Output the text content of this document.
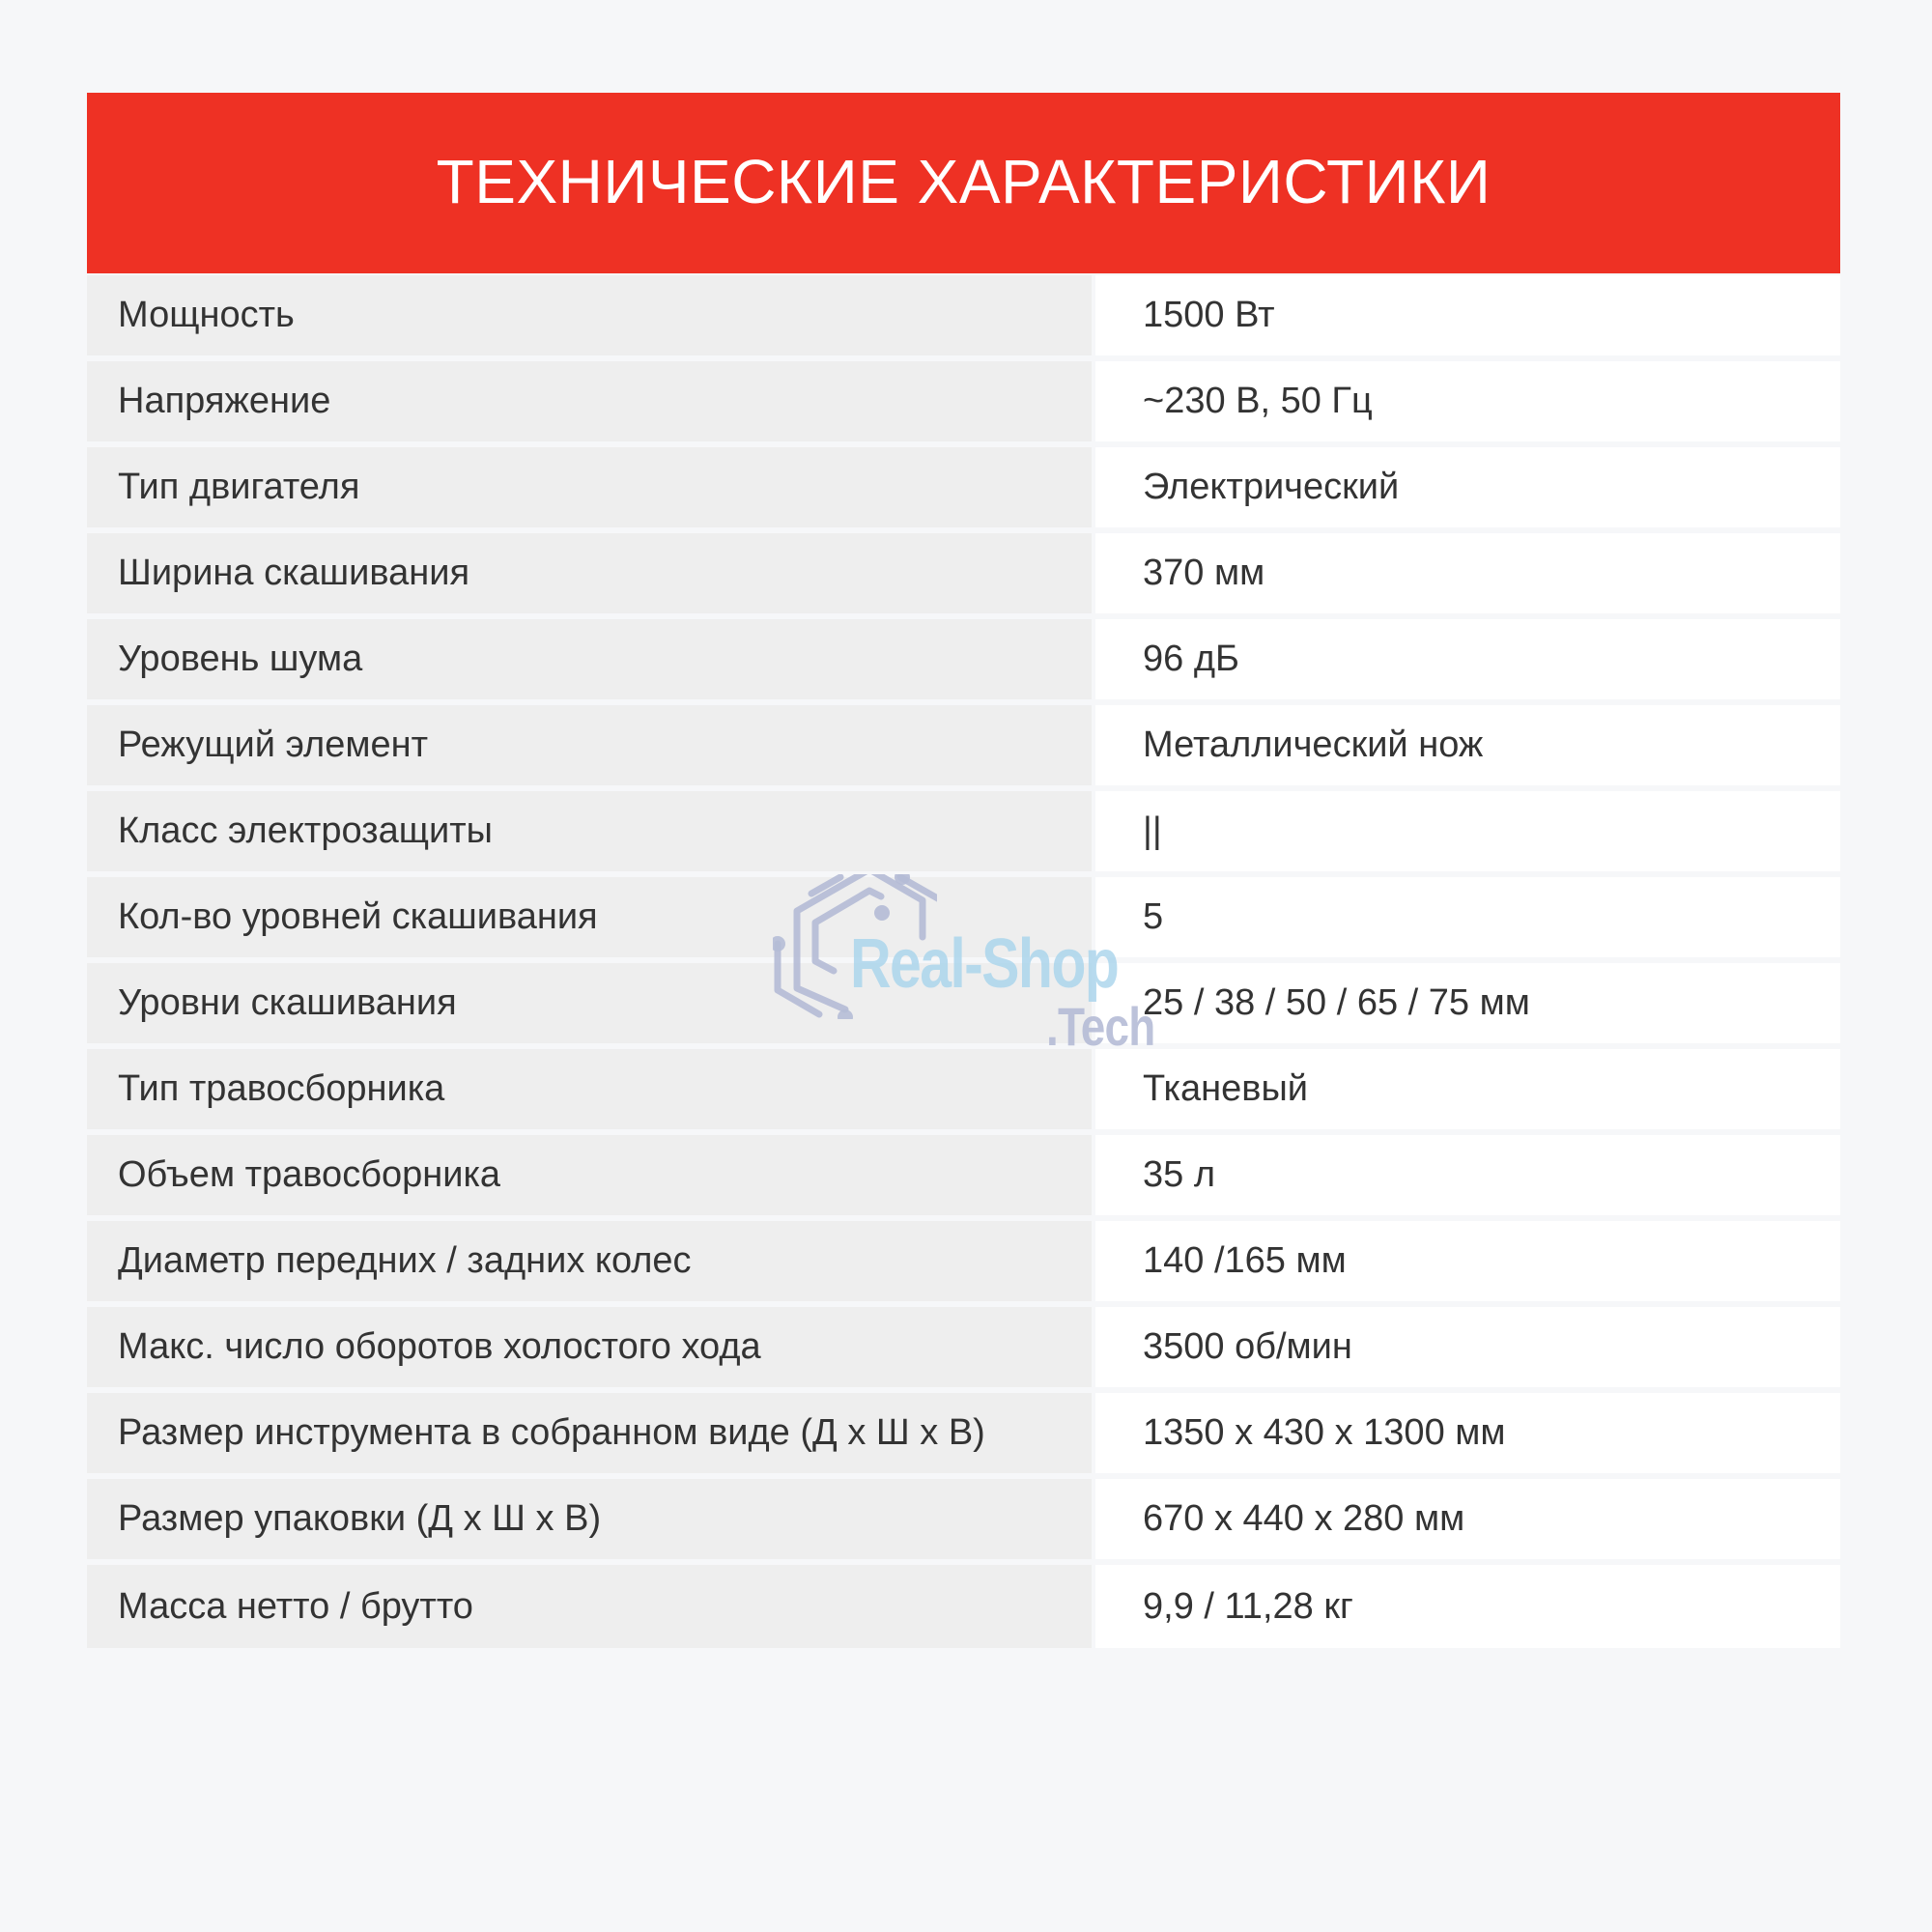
ТЕХНИЧЕСКИЕ ХАРАКТЕРИСТИКИ
Мощность	1500 Вт
Напряжение	~230 В, 50 Гц
Тип двигателя	Электрический
Ширина скашивания	370 мм
Уровень шума	96 дБ
Режущий элемент	Металлический нож
Класс электрозащиты	||
Кол-во уровней скашивания	5
Уровни скашивания	25 / 38 / 50 / 65 / 75 мм
Тип травосборника	Тканевый
Объем травосборника	35 л
Диаметр передних / задних колес	140 /165 мм
Макс. число оборотов холостого хода	3500 об/мин
Размер инструмента в собранном виде (Д х Ш х В)	1350 х 430 х 1300 мм
Размер упаковки (Д х Ш х В)	670 х 440 х 280 мм
Масса нетто / брутто	9,9 / 11,28 кг
Real-Shop
.Tech
